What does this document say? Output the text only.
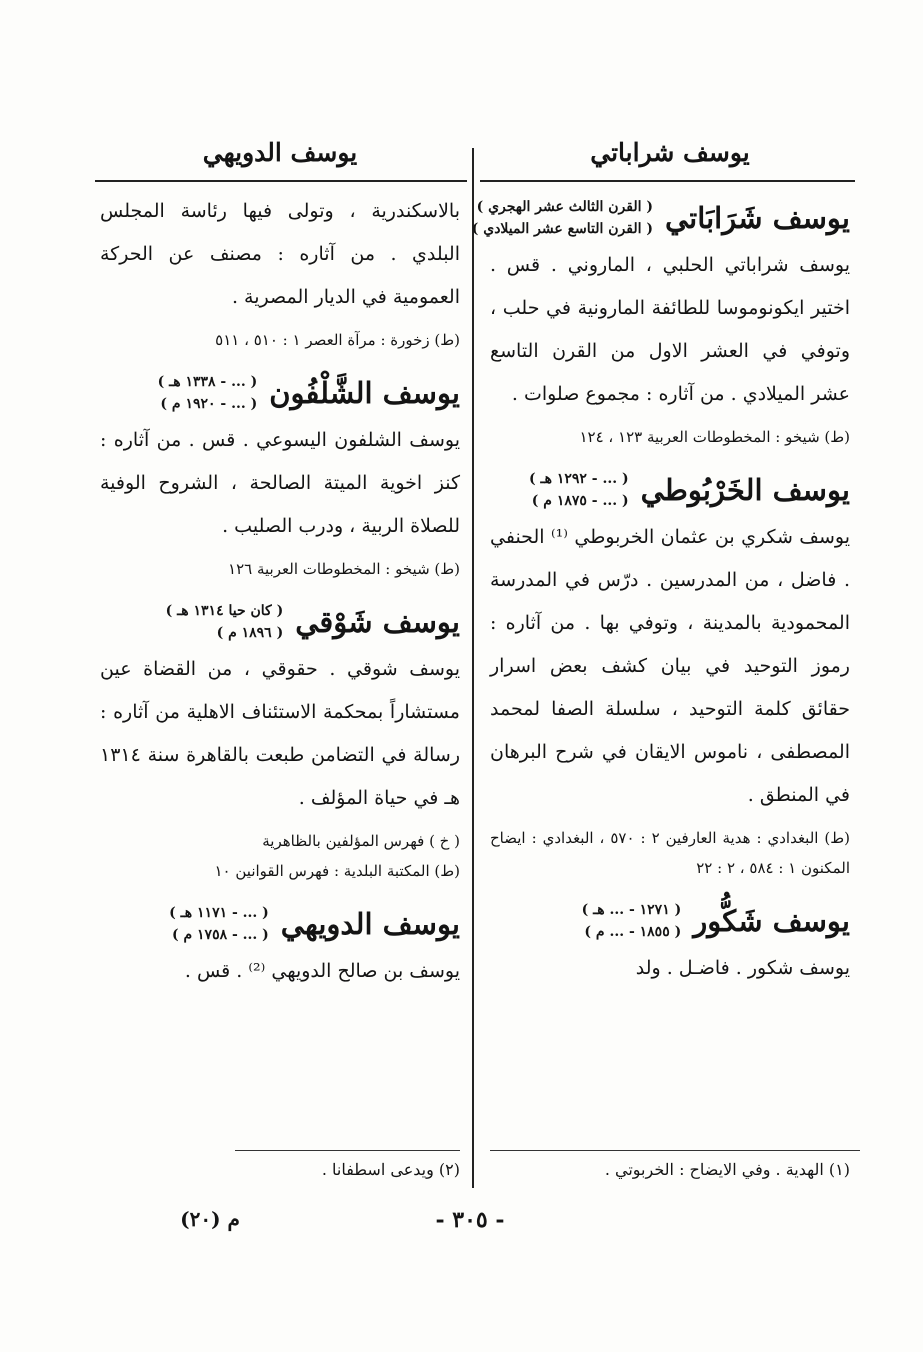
يوسف شراباتي
يوسف الدويهي
يوسف شَرَابَاتي
( القرن الثالث عشر الهجري )
( القرن التاسع عشر الميلادي )

يوسف شراباتي الحلبي ، الماروني . قس . اختير ايكونوموسا للطائفة المارونية في حلب ، وتوفي في العشر الاول من القرن التاسع عشر الميلادي . من آثاره : مجموع صلوات .

(ط) شيخو : المخطوطات العربية ١٢٣ ، ١٢٤

يوسف الخَرْبُوطي
( ... - ١٢٩٢ هـ )
( ... - ١٨٧٥ م )

يوسف شكري بن عثمان الخربوطي ⁽¹⁾ الحنفي . فاضل ، من المدرسين . درّس في المدرسة المحمودية بالمدينة ، وتوفي بها . من آثاره : رموز التوحيد في بيان كشف بعض اسرار حقائق كلمة التوحيد ، سلسلة الصفا لمحمد المصطفى ، ناموس الايقان في شرح البرهان في المنطق .

(ط) البغدادي : هدية العارفين ٢ : ٥٧٠ ، البغدادي : ايضاح المكنون ١ : ٥٨٤ ، ٢ : ٢٢

يوسف شَكُّور
( ١٢٧١ - ... هـ )
( ١٨٥٥ - ... م )

يوسف شكور . فاضـل . ولد

بالاسكندرية ، وتولى فيها رئاسة المجلس البلدي . من آثاره : مصنف عن الحركة العمومية في الديار المصرية .

(ط) زخورة : مرآة العصر ١ : ٥١٠ ، ٥١١

يوسف الشَّلْفُون
( ... - ١٣٣٨ هـ )
( ... - ١٩٢٠ م )

يوسف الشلفون اليسوعي . قس . من آثاره : كنز اخوية الميتة الصالحة ، الشروح الوفية للصلاة الربية ، ودرب الصليب .

(ط) شيخو : المخطوطات العربية ١٢٦

يوسف شَوْقي
( كان حيا ١٣١٤ هـ )
( ١٨٩٦ م )

يوسف شوقي . حقوقي ، من القضاة عين مستشاراً بمحكمة الاستئناف الاهلية من آثاره : رسالة في التضامن طبعت بالقاهرة سنة ١٣١٤ هـ في حياة المؤلف .

( خ ) فهرس المؤلفين بالظاهرية

(ط) المكتبة البلدية : فهرس القوانين ١٠

يوسف الدويهي
( ... - ١١٧١ هـ )
( ... - ١٧٥٨ م )

يوسف بن صالح الدويهي ⁽²⁾ . قس .

(١) الهدية . وفي الايضاح : الخربوتي .
(٢) ويدعى اسطفانا .
- ٣٠٥ -
م (٢٠)
